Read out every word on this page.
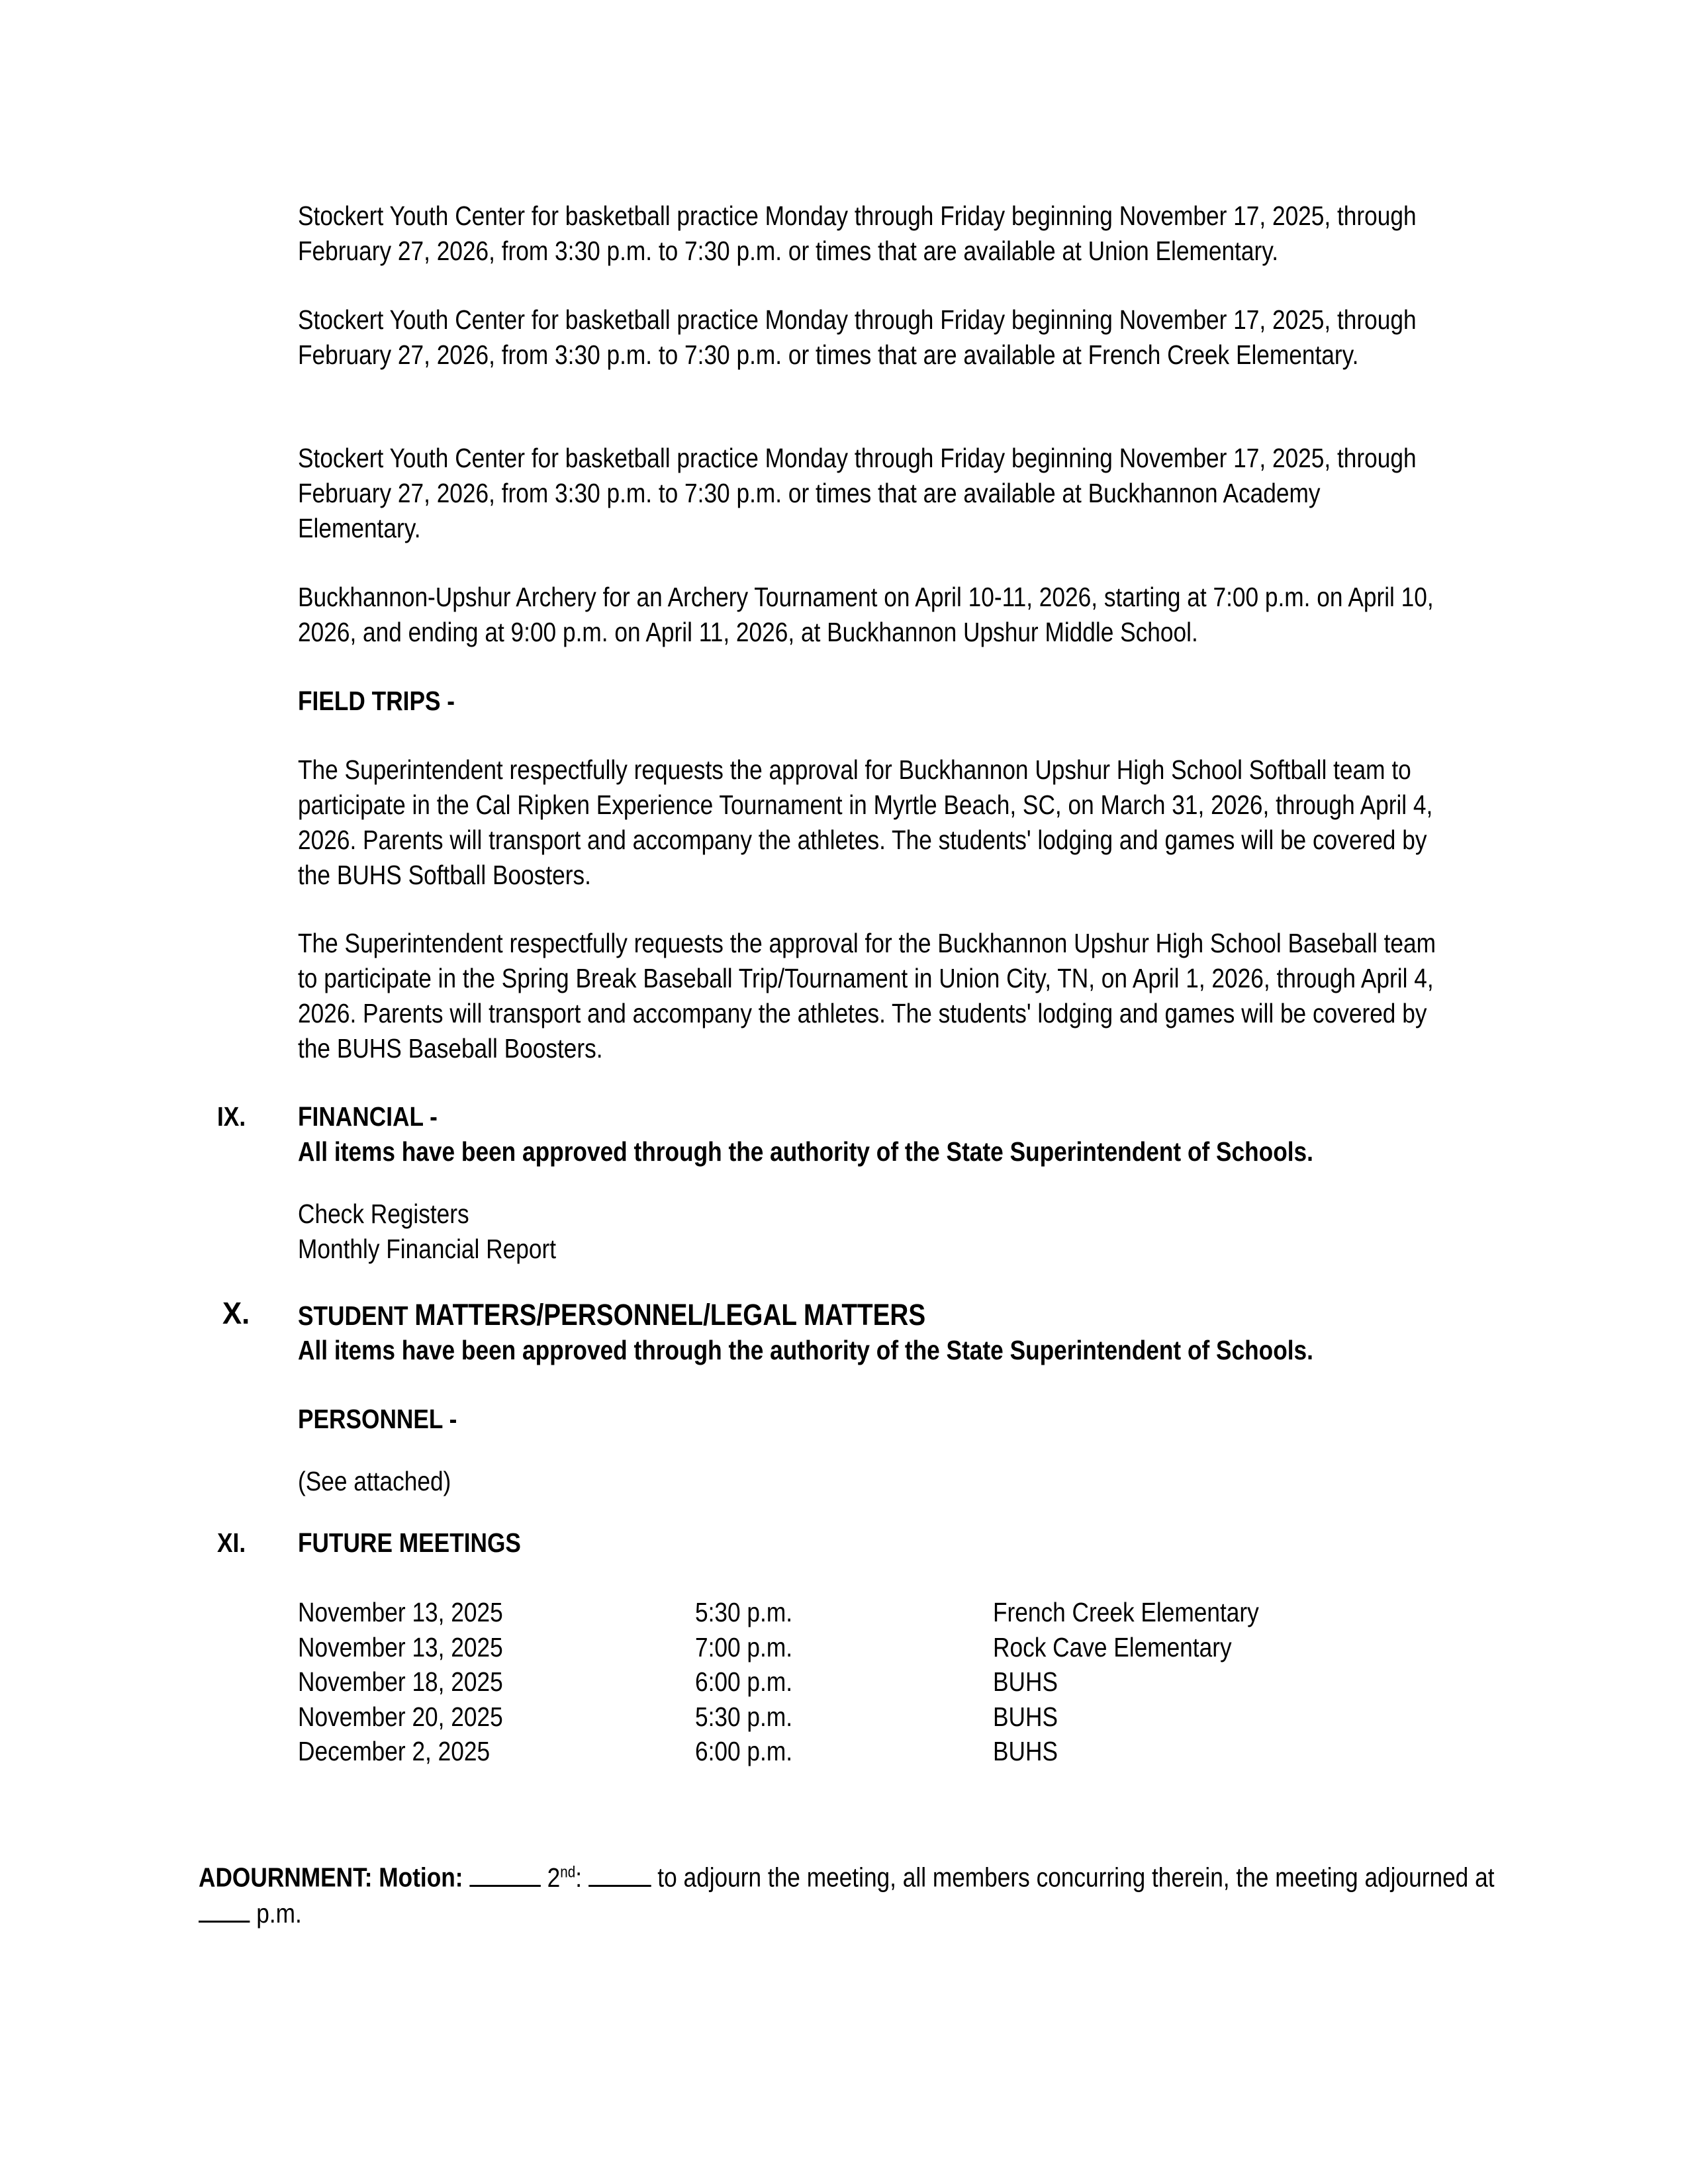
Stockert Youth Center for basketball practice Monday through Friday beginning November 17, 2025, through February 27, 2026, from 3:30 p.m. to 7:30 p.m. or times that are available at Union Elementary.
Stockert Youth Center for basketball practice Monday through Friday beginning November 17, 2025, through February 27, 2026, from 3:30 p.m. to 7:30 p.m. or times that are available at French Creek Elementary.
Stockert Youth Center for basketball practice Monday through Friday beginning November 17, 2025, through February 27, 2026, from 3:30 p.m. to 7:30 p.m. or times that are available at Buckhannon Academy Elementary.
Buckhannon-Upshur Archery for an Archery Tournament on April 10-11, 2026, starting at 7:00 p.m. on April 10, 2026, and ending at 9:00 p.m. on April 11, 2026, at Buckhannon Upshur Middle School.
FIELD TRIPS -
The Superintendent respectfully requests the approval for Buckhannon Upshur High School Softball team to participate in the Cal Ripken Experience Tournament in Myrtle Beach, SC, on March 31, 2026, through April 4, 2026. Parents will transport and accompany the athletes. The students' lodging and games will be covered by the BUHS Softball Boosters.
The Superintendent respectfully requests the approval for the Buckhannon Upshur High School Baseball team to participate in the Spring Break Baseball Trip/Tournament in Union City, TN, on April 1, 2026, through April 4, 2026. Parents will transport and accompany the athletes. The students' lodging and games will be covered by the BUHS Baseball Boosters.
IX. FINANCIAL -
All items have been approved through the authority of the State Superintendent of Schools.
Check Registers
Monthly Financial Report
X. STUDENT MATTERS/PERSONNEL/LEGAL MATTERS
All items have been approved through the authority of the State Superintendent of Schools.
PERSONNEL -
(See attached)
XI. FUTURE MEETINGS
November 13, 2025	5:30 p.m.	French Creek Elementary
November 13, 2025	7:00 p.m.	Rock Cave Elementary
November 18, 2025	6:00 p.m.	BUHS
November 20, 2025	5:30 p.m.	BUHS
December 2, 2025	6:00 p.m.	BUHS
ADOURNMENT: Motion:	2nd:	to adjourn the meeting, all members concurring therein, the meeting adjourned at  p.m.
